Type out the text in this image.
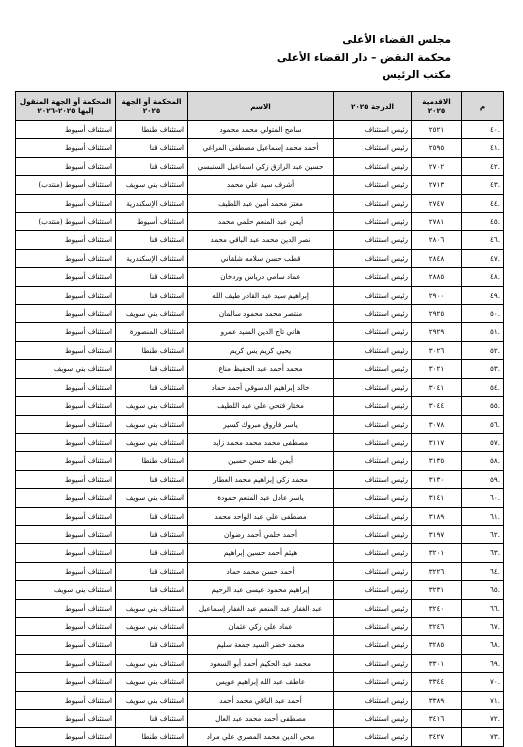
مجلس القضاء الأعلى
محكمة النقض – دار القضاء الأعلى
مكتب الرئيس
م	الاقدمية ٢٠٢٥	الدرجة ٢٠٢٥	الاسم	المحكمة أو الجهة ٢٠٢٥	المحكمة أو الجهة المنقول إليها ٢٠٢٥-٢٠٢٦
.٤٠	٢٥٢١	رئيس استئناف	سامح المتولي محمد محمود	استئناف طنطا	استئناف أسيوط
.٤١	٢٥٩٥	رئيس استئناف	أحمد محمد إسماعيل مصطفى المراغي	استئناف قنا	استئناف أسيوط
.٤٢	٢٧٠٢	رئيس استئناف	حسين عبد الرازق زكي اسماعيل السنبسي	استئناف قنا	استئناف أسيوط
.٤٣	٢٧١٣	رئيس استئناف	أشرف سيد علي محمد	استئناف بني سويف	استئناف أسيوط (منتدب)
.٤٤	٢٧٤٧	رئيس استئناف	معتز محمد أمين عبد اللطيف	استئناف الإسكندرية	استئناف أسيوط
.٤٥	٢٧٨١	رئيس استئناف	أيمن عبد المنعم حلمي محمد	استئناف أسيوط	استئناف أسيوط (منتدب)
.٤٦	٢٨٠٦	رئيس استئناف	نصر الدين محمد عبد الباقي محمد	استئناف قنا	استئناف أسيوط
.٤٧	٢٨٤٨	رئيس استئناف	قطب حسن سلامه شلقاني	استئناف الإسكندرية	استئناف أسيوط
.٤٨	٢٨٨٥	رئيس استئناف	عماد سامي درياس وردخان	استئناف قنا	استئناف أسيوط
.٤٩	٢٩٠٠	رئيس استئناف	إبراهيم سيد عبد القادر طيف الله	استئناف قنا	استئناف أسيوط
.٥٠	٢٩٢٥	رئيس استئناف	منتصر محمد محمود سالمان	استئناف بني سويف	استئناف أسيوط
.٥١	٢٩٢٩	رئيس استئناف	هاني تاج الدين السيد عمرو	استئناف المنصورة	استئناف أسيوط
.٥٢	٣٠٢٦	رئيس استئناف	يحيي كريم يس كريم	استئناف طنطا	استئناف أسيوط
.٥٣	٣٠٢١	رئيس استئناف	محمد أحمد عبد الحفيظ مناع	استئناف قنا	استئناف بني سويف
.٥٤	٣٠٤١	رئيس استئناف	خالد إبراهيم الدسوقي أحمد حماد	استئناف قنا	استئناف أسيوط
.٥٥	٣٠٤٤	رئيس استئناف	مختار فتحي علي عبد اللطيف	استئناف بني سويف	استئناف أسيوط
.٥٦	٣٠٧٨	رئيس استئناف	ياسر فاروق مبروك كسير	استئناف بني سويف	استئناف أسيوط
.٥٧	٣١١٧	رئيس استئناف	مصطفى محمد محمد محمد زايد	استئناف بني سويف	استئناف أسيوط
.٥٨	٣١٣٥	رئيس استئناف	أيمن طه حسن حسين	استئناف طنطا	استئناف أسيوط
.٥٩	٣١٣٠	رئيس استئناف	محمد زكي إبراهيم محمد العطار	استئناف قنا	استئناف أسيوط
.٦٠	٣١٤١	رئيس استئناف	ياسر عادل عبد المنعم حمودة	استئناف بني سويف	استئناف أسيوط
.٦١	٣١٨٩	رئيس استئناف	مصطفى علي عبد الواحد محمد	استئناف قنا	استئناف أسيوط
.٦٢	٣١٩٧	رئيس استئناف	أحمد حلمي أحمد رضوان	استئناف قنا	استئناف أسيوط
.٦٣	٣٢٠١	رئيس استئناف	هيثم أحمد حسين إبراهيم	استئناف قنا	استئناف أسيوط
.٦٤	٣٢٢٦	رئيس استئناف	أحمد حسن محمد حماد	استئناف قنا	استئناف أسيوط
.٦٥	٣٢٣١	رئيس استئناف	إبراهيم محمود عيسى عبد الرحيم	استئناف قنا	استئناف بني سويف
.٦٦	٣٢٤٠	رئيس استئناف	عبد الغفار عبد المنعم عبد الغفار إسماعيل	استئناف بني سويف	استئناف أسيوط
.٦٧	٣٢٤٦	رئيس استئناف	عماد علي زكي عثمان	استئناف بني سويف	استئناف أسيوط
.٦٨	٣٢٨٥	رئيس استئناف	محمد خضر السيد جمعة سليم	استئناف قنا	استئناف أسيوط
.٦٩	٣٣٠١	رئيس استئناف	محمد عبد الحكيم أحمد أبو السعود	استئناف بني سويف	استئناف أسيوط
.٧٠	٣٣٤٤	رئيس استئناف	عاطف عبد الله إبراهيم عويس	استئناف بني سويف	استئناف أسيوط
.٧١	٣٣٨٩	رئيس استئناف	أحمد عبد الباقي محمد أحمد	استئناف بني سويف	استئناف أسيوط
.٧٢	٣٤١٦	رئيس استئناف	مصطفى أحمد محمد عبد العال	استئناف قنا	استئناف أسيوط
.٧٣	٣٤٢٧	رئيس استئناف	محي الدين محمد المصري علي مراد	استئناف طنطا	استئناف أسيوط
